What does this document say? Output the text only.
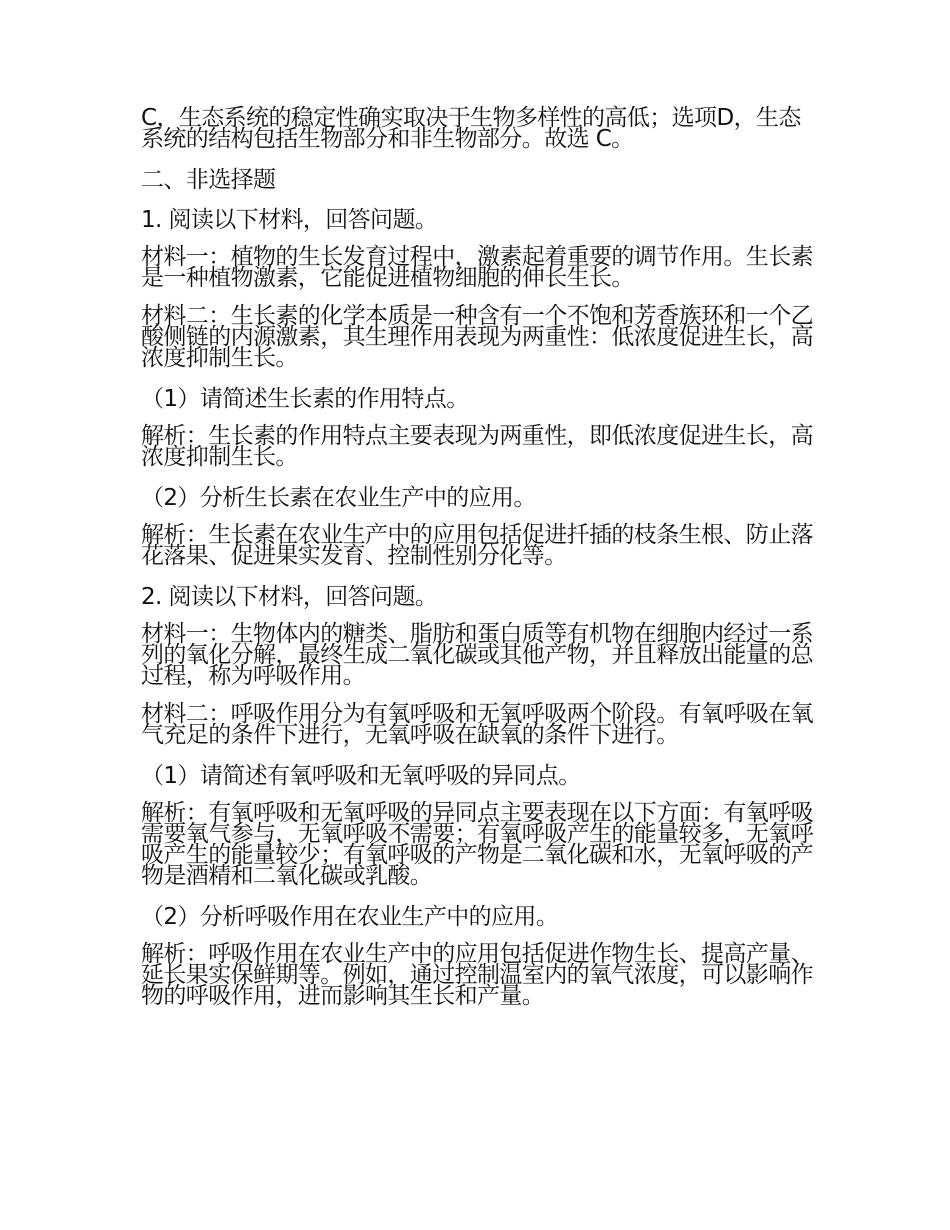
C，生态系统的稳定性确实取决于生物多样性的高低；选项D，生态系统的结构包括生物部分和非生物部分。故选 C。

二、非选择题

1. 阅读以下材料，回答问题。

材料一：植物的生长发育过程中，激素起着重要的调节作用。生长素是一种植物激素，它能促进植物细胞的伸长生长。

材料二：生长素的化学本质是一种含有一个不饱和芳香族环和一个乙酸侧链的内源激素，其生理作用表现为两重性：低浓度促进生长，高浓度抑制生长。

（1）请简述生长素的作用特点。

解析：生长素的作用特点主要表现为两重性，即低浓度促进生长，高浓度抑制生长。

（2）分析生长素在农业生产中的应用。

解析：生长素在农业生产中的应用包括促进扦插的枝条生根、防止落花落果、促进果实发育、控制性别分化等。

2. 阅读以下材料，回答问题。

材料一：生物体内的糖类、脂肪和蛋白质等有机物在细胞内经过一系列的氧化分解，最终生成二氧化碳或其他产物，并且释放出能量的总过程，称为呼吸作用。

材料二：呼吸作用分为有氧呼吸和无氧呼吸两个阶段。有氧呼吸在氧气充足的条件下进行，无氧呼吸在缺氧的条件下进行。

（1）请简述有氧呼吸和无氧呼吸的异同点。

解析：有氧呼吸和无氧呼吸的异同点主要表现在以下方面：有氧呼吸需要氧气参与，无氧呼吸不需要；有氧呼吸产生的能量较多，无氧呼吸产生的能量较少；有氧呼吸的产物是二氧化碳和水，无氧呼吸的产物是酒精和二氧化碳或乳酸。

（2）分析呼吸作用在农业生产中的应用。

解析：呼吸作用在农业生产中的应用包括促进作物生长、提高产量、延长果实保鲜期等。例如，通过控制温室内的氧气浓度，可以影响作物的呼吸作用，进而影响其生长和产量。
